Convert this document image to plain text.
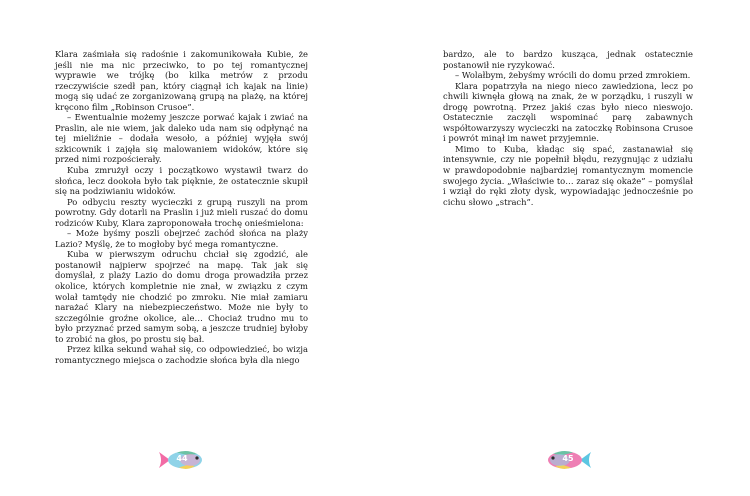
Klara zaśmiała się radośnie i zakomunikowała Kubie, że jeśli nie ma nic przeciwko, to po tej romantycznej wyprawie we trójkę (bo kilka metrów z przodu rzeczywiście szedł pan, który ciągnął ich kajak na linie) mogą się udać ze zorganizowaną grupą na plażę, na której kręcono film „Robinson Crusoe”.

– Ewentualnie możemy jeszcze porwać kajak i zwiać na Praslin, ale nie wiem, jak daleko uda nam się odpłynąć na tej mieliźnie – dodała wesoło, a później wyjęła swój szkicownik i zajęła się malowaniem widoków, które się przed nimi rozpościerały.

Kuba zmrużył oczy i początkowo wystawił twarz do słońca, lecz dookoła było tak pięknie, że ostatecznie skupił się na podziwianiu widoków.

Po odbyciu reszty wycieczki z grupą ruszyli na prom powrotny. Gdy dotarli na Praslin i już mieli ruszać do domu rodziców Kuby, Klara zaproponowała trochę onieśmielona:

– Może byśmy poszli obejrzeć zachód słońca na plaży Lazio? Myślę, że to mogłoby być mega romantyczne.

Kuba w pierwszym odruchu chciał się zgodzić, ale postanowił najpierw spojrzeć na mapę. Tak jak się domyślał, z plaży Lazio do domu droga prowadziła przez okolice, których kompletnie nie znał, w związku z czym wolał tamtędy nie chodzić po zmroku. Nie miał zamiaru narażać Klary na niebezpieczeństwo. Może nie były to szczególnie groźne okolice, ale… Chociaż trudno mu to było przyznać przed samym sobą, a jeszcze trudniej byłoby to zrobić na głos, po prostu się bał.

Przez kilka sekund wahał się, co odpowiedzieć, bo wizja romantycznego miejsca o zachodzie słońca była dla niego

44

bardzo, ale to bardzo kusząca, jednak ostatecznie postanowił nie ryzykować.

– Wolałbym, żebyśmy wrócili do domu przed zmrokiem.

Klara popatrzyła na niego nieco zawiedziona, lecz po chwili kiwnęła głową na znak, że w porządku, i ruszyli w drogę powrotną. Przez jakiś czas było nieco nieswojo. Ostatecznie zaczęli wspominać parę zabawnych współtowarzyszy wycieczki na zatoczkę Robinsona Crusoe i powrót minął im nawet przyjemnie.

Mimo to Kuba, kładąc się spać, zastanawiał się intensywnie, czy nie popełnił błędu, rezygnując z udziału w prawdopodobnie najbardziej romantycznym momencie swojego życia. „Właściwie to… zaraz się okaże” – pomyślał i wziął do ręki złoty dysk, wypowiadając jednocześnie po cichu słowo „strach”.

45
